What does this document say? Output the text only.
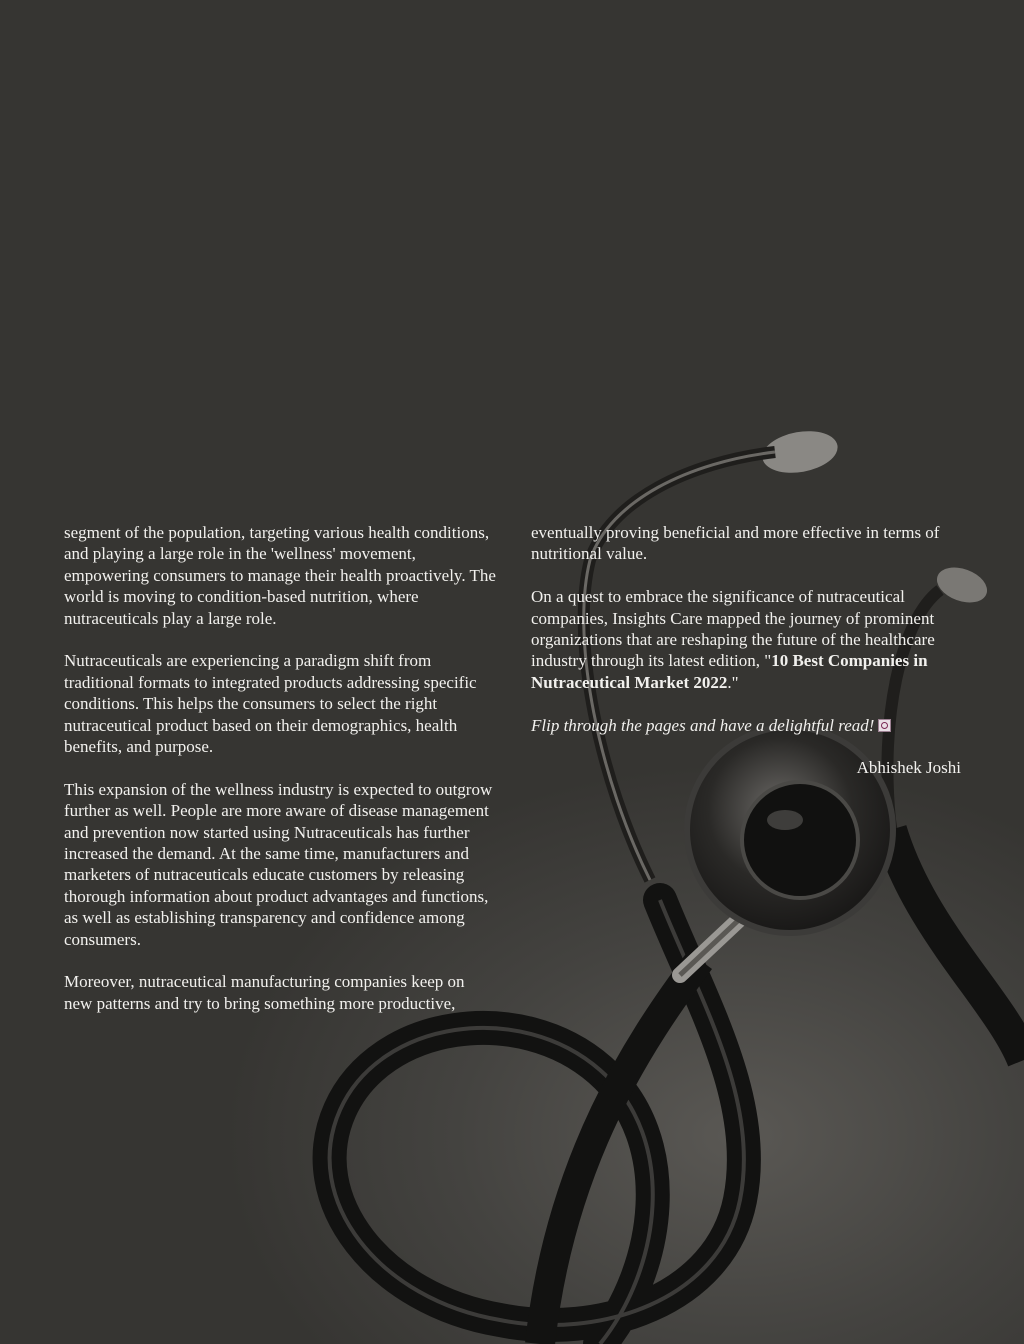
segment of the population, targeting various health conditions, and playing a large role in the 'wellness' movement, empowering consumers to manage their health proactively. The world is moving to condition-based nutrition, where nutraceuticals play a large role.

Nutraceuticals are experiencing a paradigm shift from traditional formats to integrated products addressing specific conditions. This helps the consumers to select the right nutraceutical product based on their demographics, health benefits, and purpose.

This expansion of the wellness industry is expected to outgrow further as well. People are more aware of disease management and prevention now started using Nutraceuticals has further increased the demand. At the same time, manufacturers and marketers of nutraceuticals educate customers by releasing thorough information about product advantages and functions, as well as establishing transparency and confidence among consumers.

Moreover, nutraceutical manufacturing companies keep on new patterns and try to bring something more productive,

eventually proving beneficial and more effective in terms of nutritional value.

On a quest to embrace the significance of nutraceutical companies, Insights Care mapped the journey of prominent organizations that are reshaping the future of the healthcare industry through its latest edition, "10 Best Companies in Nutraceutical Market 2022."

Flip through the pages and have a delightful read!

Abhishek Joshi
